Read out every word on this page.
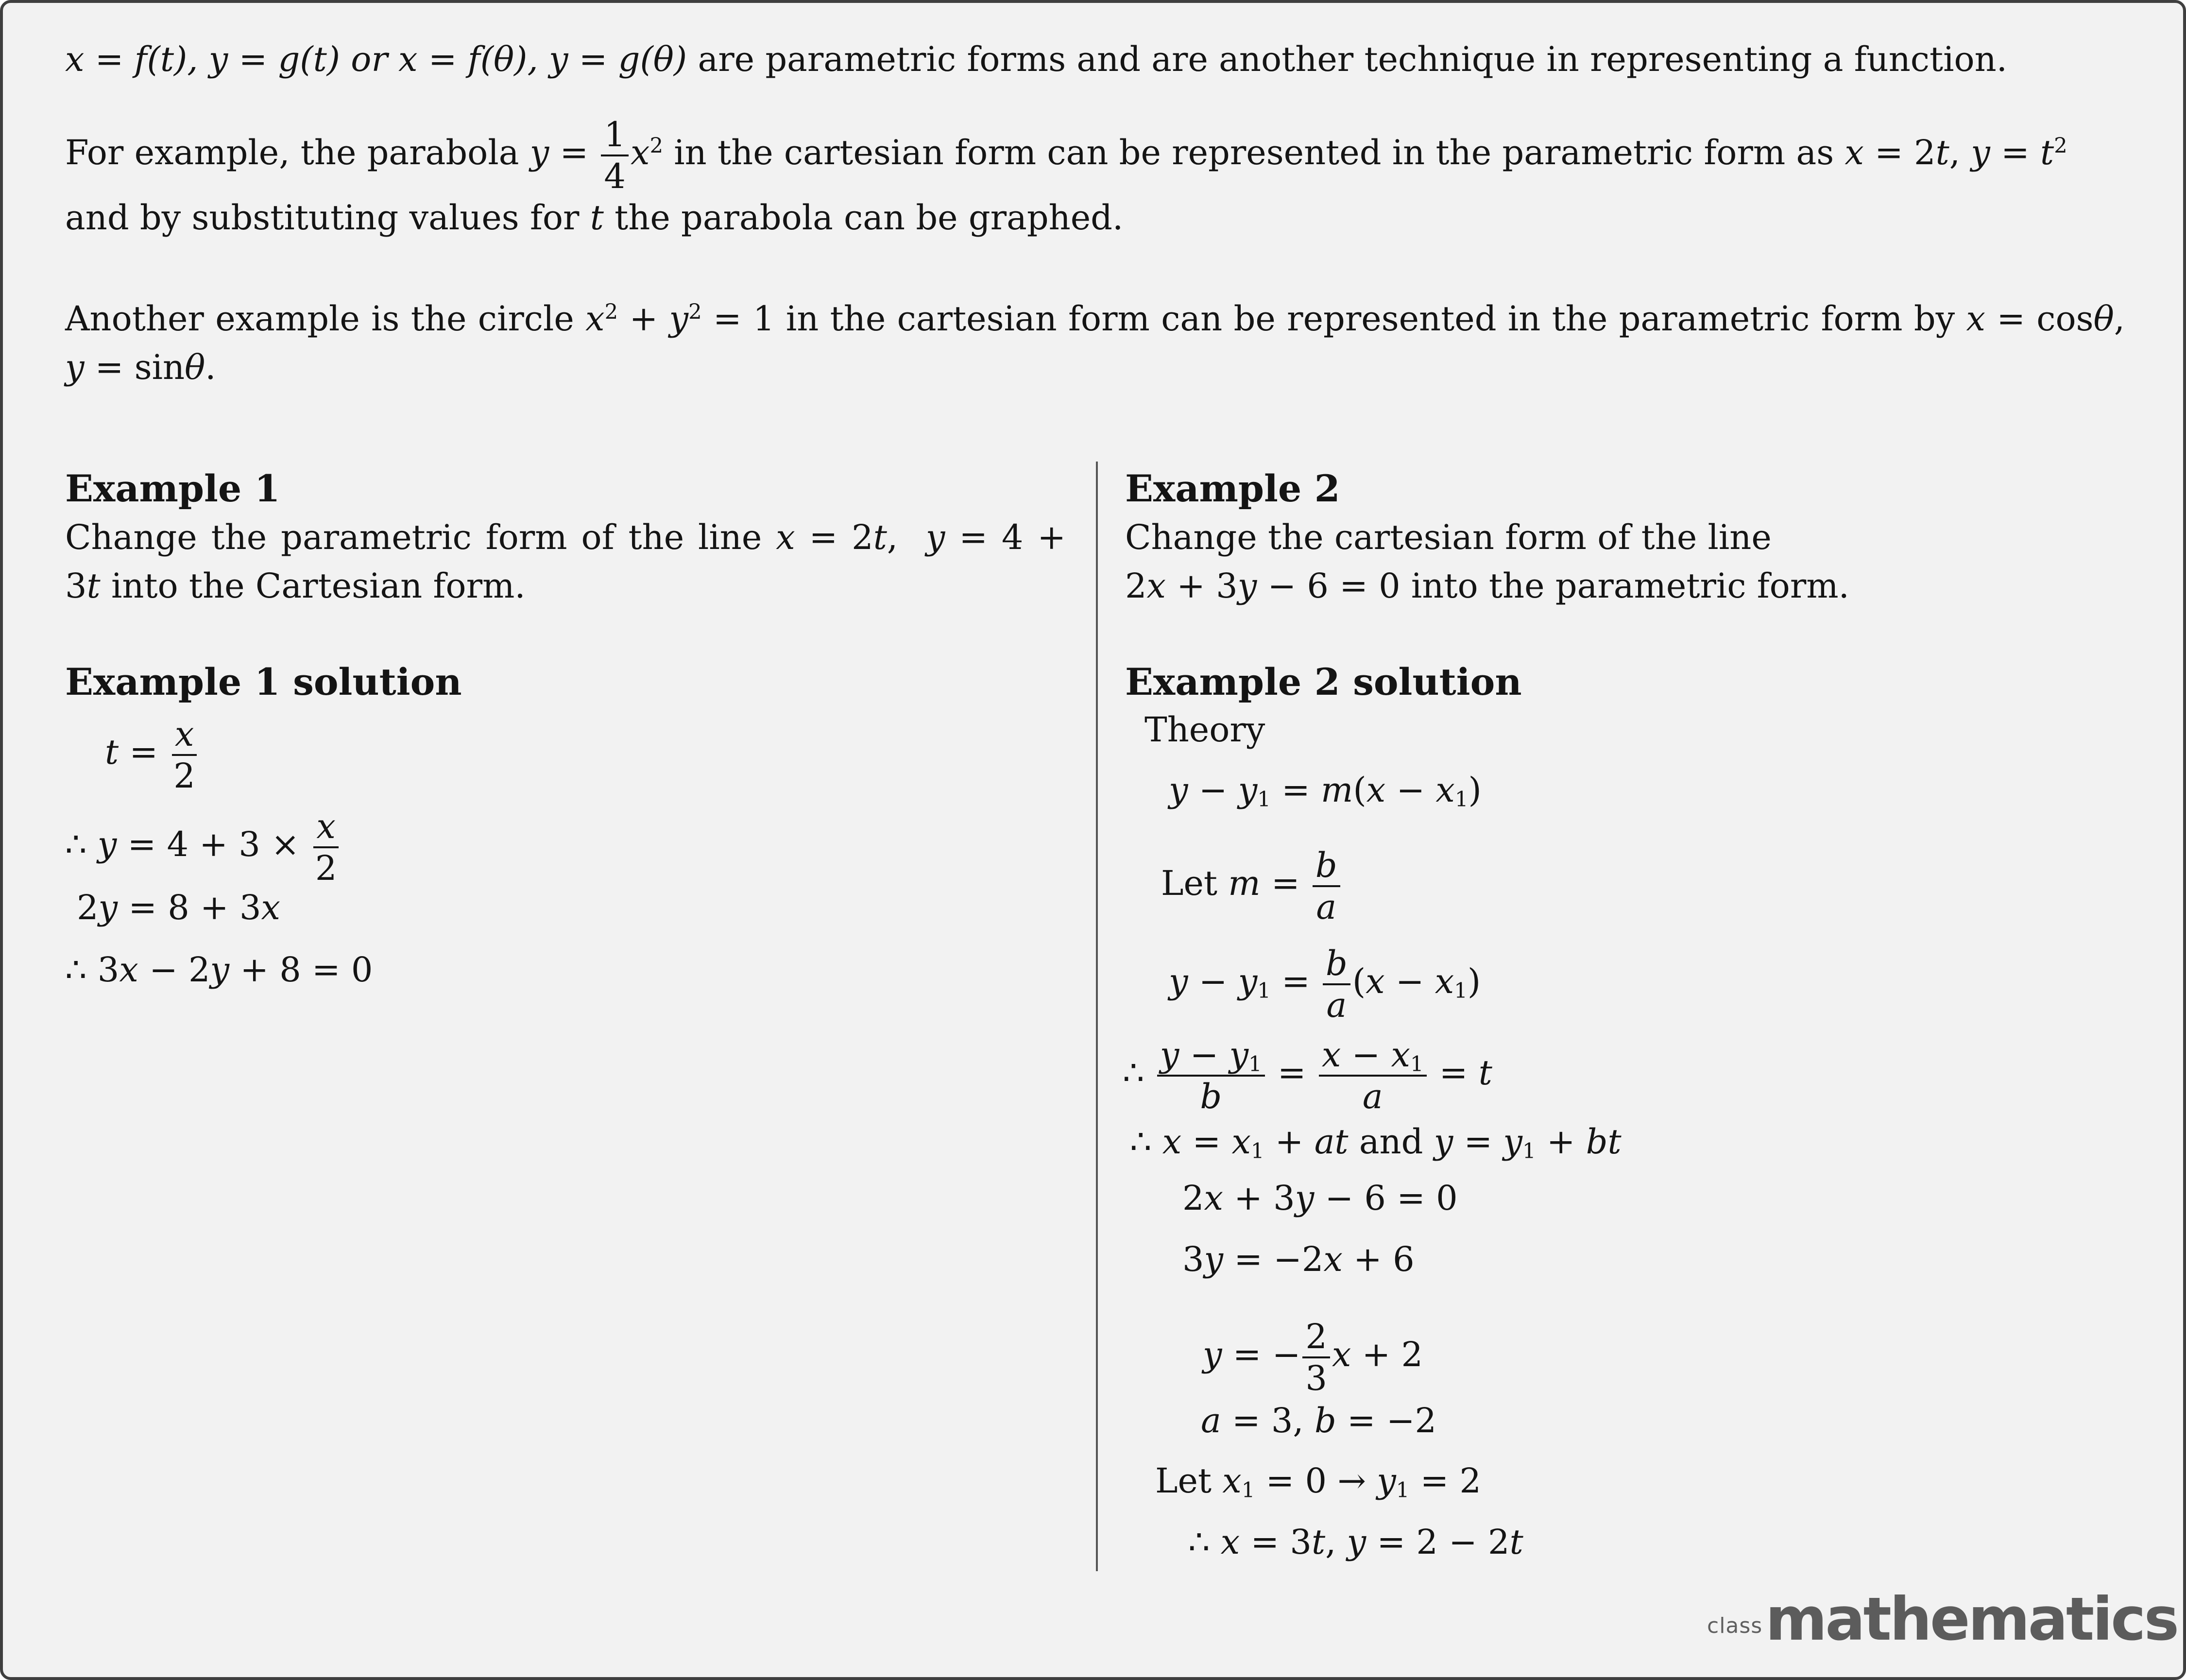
x = f(t), y = g(t) or x = f(θ), y = g(θ) are parametric forms and are another technique in representing a function.

For example, the parabola $y = \frac{1}{4} x^2$ in the cartesian form can be represented in the parametric form as x = 2t, $y = t^2$ and by substituting values for t the parabola can be graphed.

Another example is the circle $x^2 + y^2 = 1$ in the cartesian form can be represented in the parametric form by x = cosθ, y = sinθ.

Example 1
Change the parametric form of the line x = 2t,  y = 4 + 3t into the Cartesian form.
Example 1 solution
$t = \frac{x}{2}$
∴ $y = 4 + 3 \times \frac{x}{2}$
2y = 8 + 3x
∴ 3x − 2y + 8 = 0
Example 2
Change the cartesian form of the line
2x + 3y − 6 = 0 into the parametric form.
Example 2 solution
Theory
$y - y_1 = m(x - x_1)$
Let $m = \frac{b}{a}$
$y - y_1 = \frac{b}{a} (x - x_1)$
∴ $\frac{y - y_1}{b} = \frac{x - x_1}{a} = t$
∴ $x = x_1$ + at and $y = y_1$ + bt
2x + 3y − 6 = 0
3y = −2x + 6
y = − $\frac{2}{3}$ x + 2
a = 3, b = −2
Let $x_1 = 0 \to y_1 = 2$
∴ x = 3t, y = 2 − 2t
class mathematics
